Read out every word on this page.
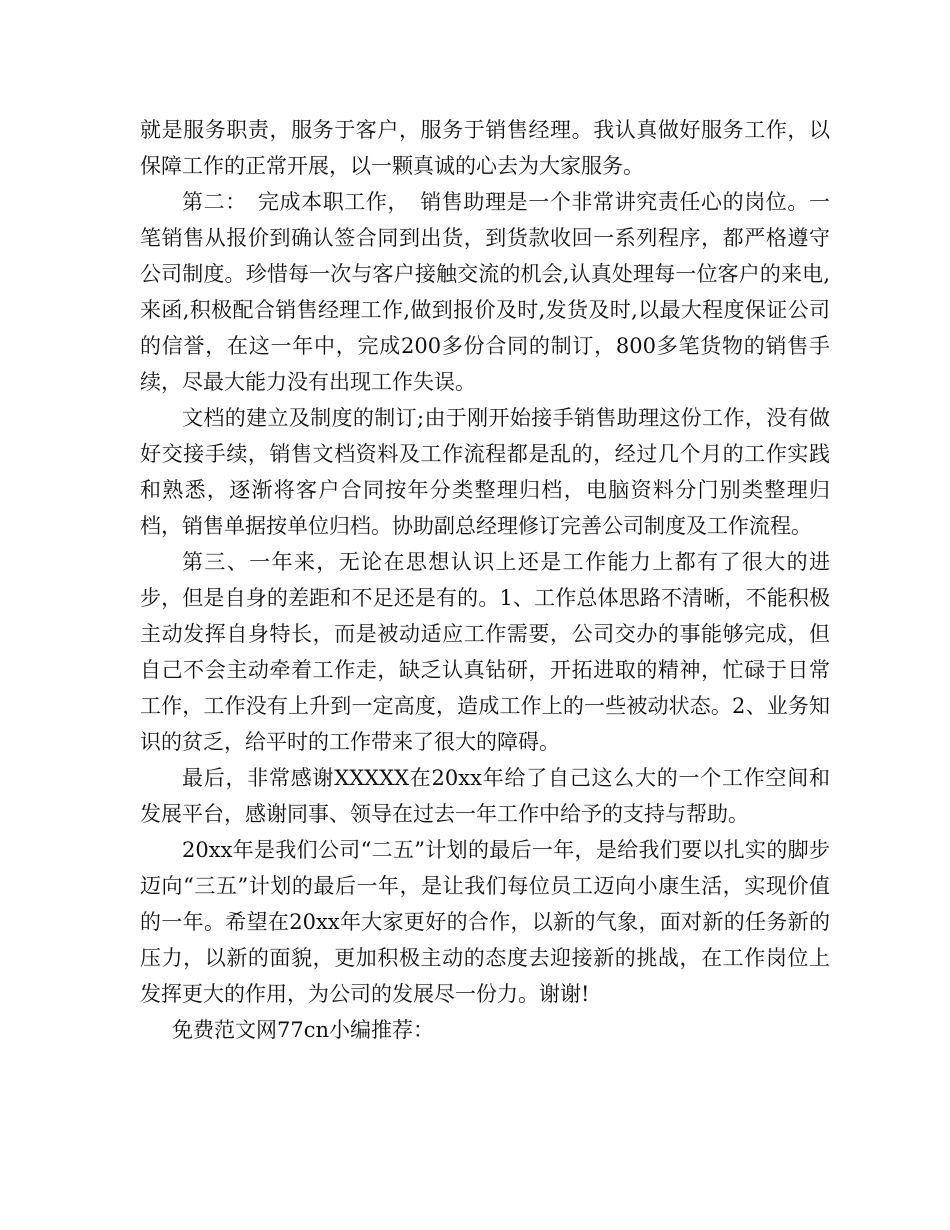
就是服务职责，服务于客户，服务于销售经理。我认真做好服务工作，以保障工作的正常开展，以一颗真诚的心去为大家服务。

第二：　完成本职工作，　销售助理是一个非常讲究责任心的岗位。一笔销售从报价到确认签合同到出货，到货款收回一系列程序，都严格遵守公司制度。珍惜每一次与客户接触交流的机会,认真处理每一位客户的来电,来函,积极配合销售经理工作,做到报价及时,发货及时,以最大程度保证公司的信誉，在这一年中，完成200多份合同的制订，800多笔货物的销售手续，尽最大能力没有出现工作失误。

文档的建立及制度的制订;由于刚开始接手销售助理这份工作，没有做好交接手续，销售文档资料及工作流程都是乱的，经过几个月的工作实践和熟悉，逐渐将客户合同按年分类整理归档，电脑资料分门别类整理归档，销售单据按单位归档。协助副总经理修订完善公司制度及工作流程。

第三、一年来，无论在思想认识上还是工作能力上都有了很大的进步，但是自身的差距和不足还是有的。1、工作总体思路不清晰，不能积极主动发挥自身特长，而是被动适应工作需要，公司交办的事能够完成，但自己不会主动牵着工作走，缺乏认真钻研，开拓进取的精神，忙碌于日常工作，工作没有上升到一定高度，造成工作上的一些被动状态。2、业务知识的贫乏，给平时的工作带来了很大的障碍。

最后，非常感谢XXXXX在20xx年给了自己这么大的一个工作空间和发展平台，感谢同事、领导在过去一年工作中给予的支持与帮助。

20xx年是我们公司“二五”计划的最后一年，是给我们要以扎实的脚步迈向“三五”计划的最后一年，是让我们每位员工迈向小康生活，实现价值的一年。希望在20xx年大家更好的合作，以新的气象，面对新的任务新的压力，以新的面貌，更加积极主动的态度去迎接新的挑战，在工作岗位上发挥更大的作用，为公司的发展尽一份力。谢谢!

免费范文网77cn小编推荐：
